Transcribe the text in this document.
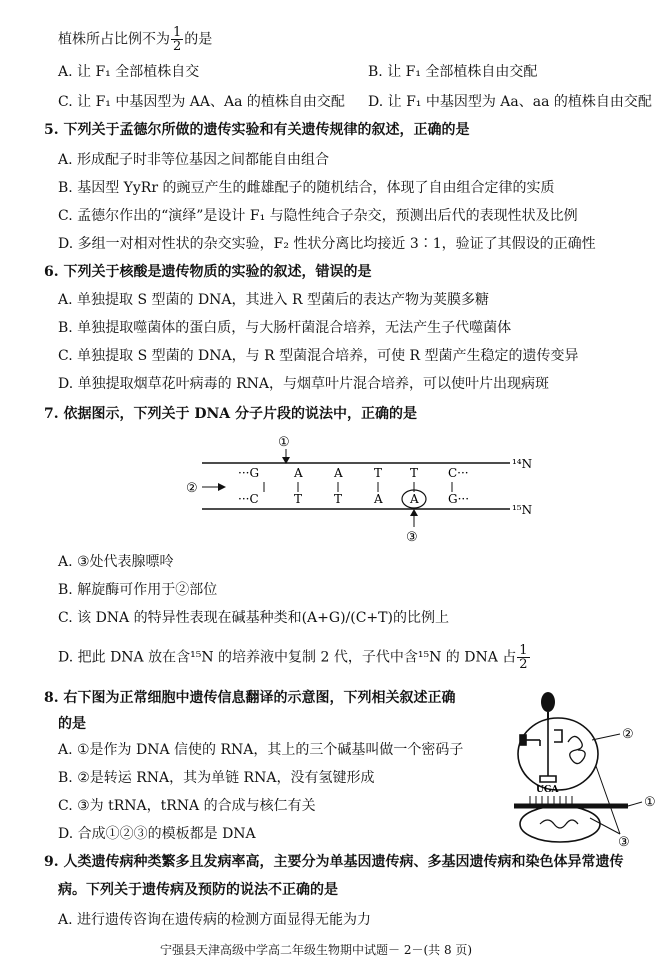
植株所占比例不为 $\frac{1}{2}$ 的是
A. 让 F₁ 全部植株自交	B. 让 F₁ 全部植株自由交配
C. 让 F₁ 中基因型为 AA、Aa 的植株自由交配 D. 让 F₁ 中基因型为 Aa、aa 的植株自由交配
5. 下列关于孟德尔所做的遗传实验和有关遗传规律的叙述，正确的是
A. 形成配子时非等位基因之间都能自由组合
B. 基因型 YyRr 的豌豆产生的雌雄配子的随机结合，体现了自由组合定律的实质
C. 孟德尔作出的“演绎”是设计 F₁ 与隐性纯合子杂交，预测出后代的表现性状及比例
D. 多组一对相对性状的杂交实验，F₂ 性状分离比均接近 3∶1，验证了其假设的正确性
6. 下列关于核酸是遗传物质的实验的叙述，错误的是
A. 单独提取 S 型菌的 DNA，其进入 R 型菌后的表达产物为荚膜多糖
B. 单独提取噬菌体的蛋白质，与大肠杆菌混合培养，无法产生子代噬菌体
C. 单独提取 S 型菌的 DNA，与 R 型菌混合培养，可使 R 型菌产生稳定的遗传变异
D. 单独提取烟草花叶病毒的 RNA，与烟草叶片混合培养，可以使叶片出现病斑
7. 依据图示，下列关于 DNA 分子片段的说法中，正确的是
¹⁴N
¹⁵N
①
②
···G	A	A	T T C···
···C	T	T	A A G···
③
A. ③处代表腺嘌呤
B. 解旋酶可作用于②部位
C. 该 DNA 的特异性表现在碱基种类和(A+G)/(C+T)的比例上
D. 把此 DNA 放在含¹⁵N 的培养液中复制 2 代，子代中含¹⁵N 的 DNA 占 $\frac{1}{2}$
8. 右下图为正常细胞中遗传信息翻译的示意图，下列相关叙述正确
的是
A. ①是作为 DNA 信使的 RNA，其上的三个碱基叫做一个密码子
B. ②是转运 RNA，其为单链 RNA，没有氢键形成
C. ③为 tRNA，tRNA 的合成与核仁有关
D. 合成①②③的模板都是 DNA
UGA
②
①
③
9. 人类遗传病种类繁多且发病率高，主要分为单基因遗传病、多基因遗传病和染色体异常遗传
病。下列关于遗传病及预防的说法不正确的是
A. 进行遗传咨询在遗传病的检测方面显得无能为力
宁强县天津高级中学高二年级生物期中试题－ 2－(共 8 页)
